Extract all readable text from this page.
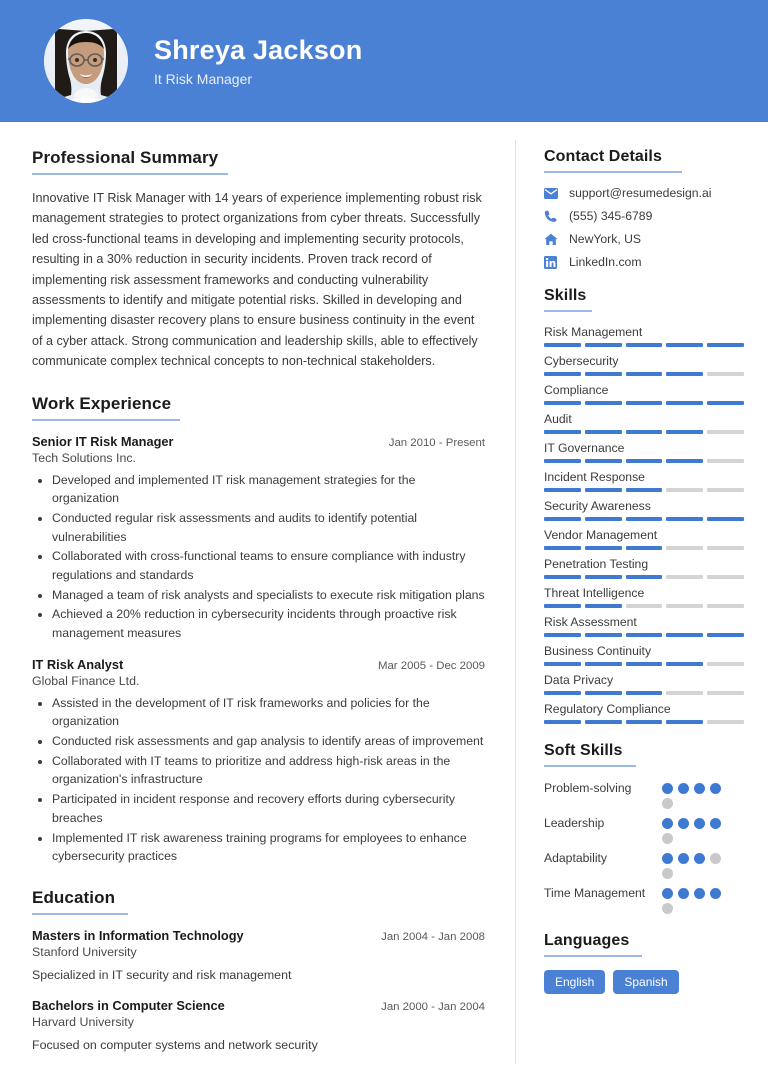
Shreya Jackson
It Risk Manager
Professional Summary
Innovative IT Risk Manager with 14 years of experience implementing robust risk management strategies to protect organizations from cyber threats. Successfully led cross-functional teams in developing and implementing security protocols, resulting in a 30% reduction in security incidents. Proven track record of implementing risk assessment frameworks and conducting vulnerability assessments to identify and mitigate potential risks. Skilled in developing and implementing disaster recovery plans to ensure business continuity in the event of a cyber attack. Strong communication and leadership skills, able to effectively communicate complex technical concepts to non-technical stakeholders.
Work Experience
Senior IT Risk Manager	Jan 2010 - Present
Tech Solutions Inc.
• Developed and implemented IT risk management strategies for the organization
• Conducted regular risk assessments and audits to identify potential vulnerabilities
• Collaborated with cross-functional teams to ensure compliance with industry regulations and standards
• Managed a team of risk analysts and specialists to execute risk mitigation plans
• Achieved a 20% reduction in cybersecurity incidents through proactive risk management measures
IT Risk Analyst	Mar 2005 - Dec 2009
Global Finance Ltd.
• Assisted in the development of IT risk frameworks and policies for the organization
• Conducted risk assessments and gap analysis to identify areas of improvement
• Collaborated with IT teams to prioritize and address high-risk areas in the organization's infrastructure
• Participated in incident response and recovery efforts during cybersecurity breaches
• Implemented IT risk awareness training programs for employees to enhance cybersecurity practices
Education
Masters in Information Technology	Jan 2004 - Jan 2008
Stanford University
Specialized in IT security and risk management
Bachelors in Computer Science	Jan 2000 - Jan 2004
Harvard University
Focused on computer systems and network security
Contact Details
support@resumedesign.ai
(555) 345-6789
NewYork, US
LinkedIn.com
Skills
Risk Management
Cybersecurity
Compliance
Audit
IT Governance
Incident Response
Security Awareness
Vendor Management
Penetration Testing
Threat Intelligence
Risk Assessment
Business Continuity
Data Privacy
Regulatory Compliance
Soft Skills
Problem-solving
Leadership
Adaptability
Time Management
Languages
English	Spanish
